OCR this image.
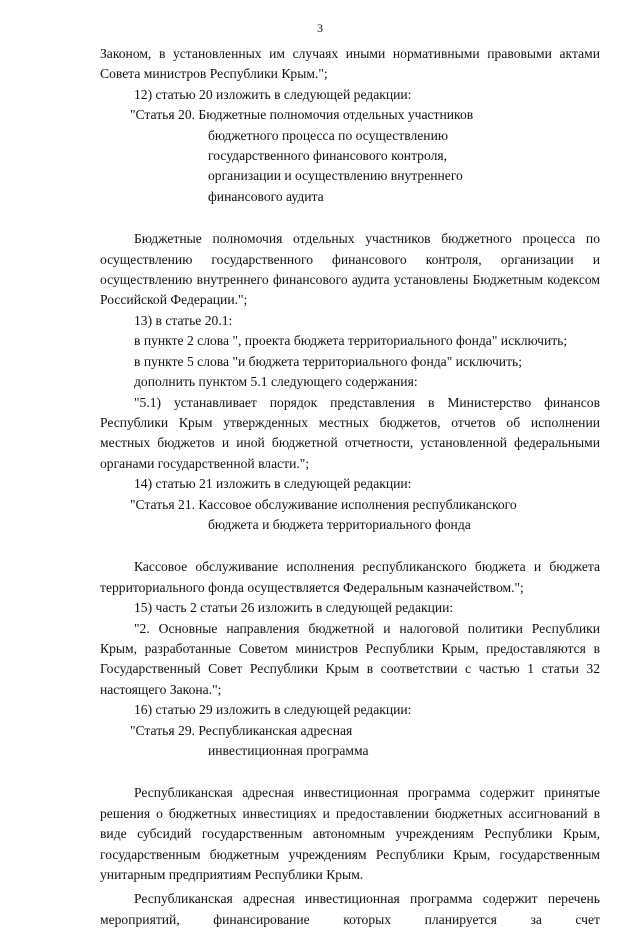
3

Законом, в установленных им случаях иными нормативными правовыми актами Совета министров Республики Крым.";

12) статью 20 изложить в следующей редакции:

"Статья 20. Бюджетные полномочия отдельных участников

бюджетного процесса по осуществлению

государственного финансового контроля,

организации и осуществлению внутреннего

финансового аудита

Бюджетные полномочия отдельных участников бюджетного процесса по осуществлению государственного финансового контроля, организации и осуществлению внутреннего финансового аудита установлены Бюджетным кодексом Российской Федерации.";

13) в статье 20.1:

в пункте 2 слова ", проекта бюджета территориального фонда" исключить;

в пункте 5 слова "и бюджета территориального фонда" исключить;

дополнить пунктом 5.1 следующего содержания:

"5.1) устанавливает порядок представления в Министерство финансов Республики Крым утвержденных местных бюджетов, отчетов об исполнении местных бюджетов и иной бюджетной отчетности, установленной федеральными органами государственной власти.";

14) статью 21 изложить в следующей редакции:

"Статья 21. Кассовое обслуживание исполнения республиканского

бюджета и бюджета территориального фонда

Кассовое обслуживание исполнения республиканского бюджета и бюджета территориального фонда осуществляется Федеральным казначейством.";

15) часть 2 статьи 26 изложить в следующей редакции:

"2. Основные направления бюджетной и налоговой политики Республики Крым, разработанные Советом министров Республики Крым, предоставляются в Государственный Совет Республики Крым в соответствии с частью 1 статьи 32 настоящего Закона.";

16) статью 29 изложить в следующей редакции:

"Статья 29. Республиканская адресная

инвестиционная программа

Республиканская адресная инвестиционная программа содержит принятые решения о бюджетных инвестициях и предоставлении бюджетных ассигнований в виде субсидий государственным автономным учреждениям Республики Крым, государственным бюджетным учреждениям Республики Крым, государственным унитарным предприятиям Республики Крым.

Республиканская адресная инвестиционная программа содержит перечень мероприятий, финансирование которых планируется за счет
